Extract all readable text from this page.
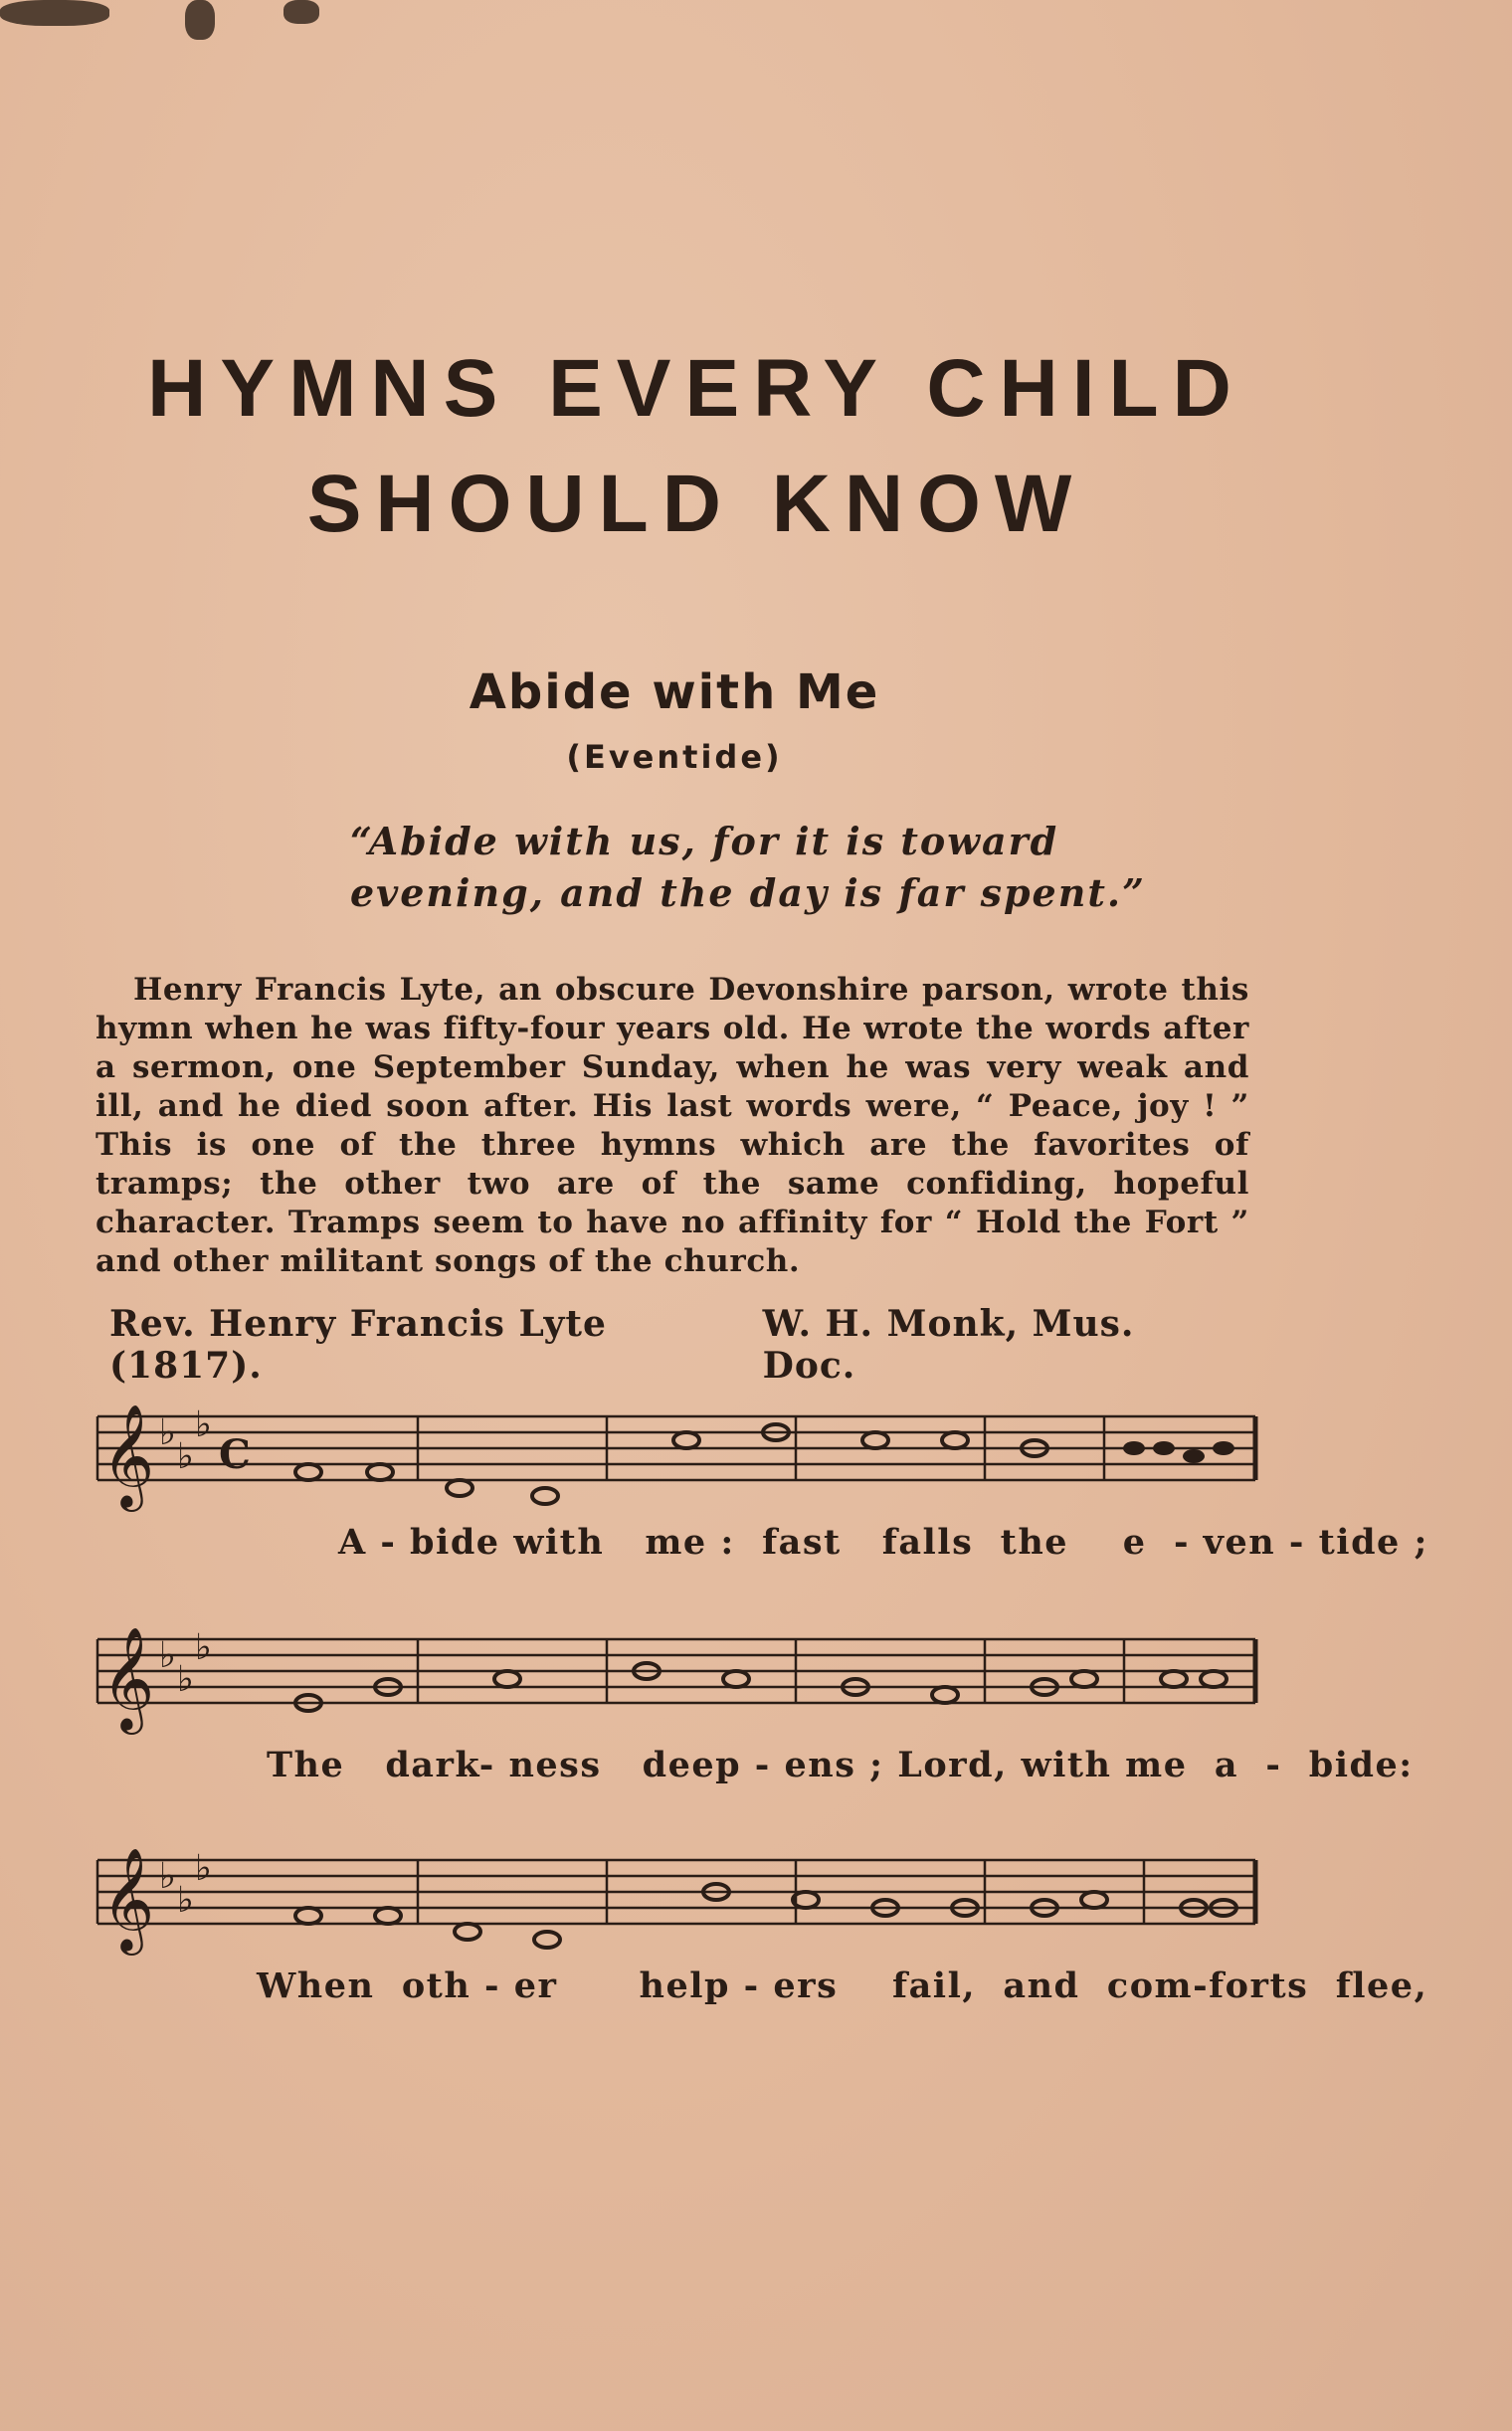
HYMNS EVERY CHILD
SHOULD KNOW
Abide with Me
(Eventide)
“Abide with us, for it is toward evening, and the day is far spent.”
Henry Francis Lyte, an obscure Devonshire parson, wrote this hymn when he was fifty-four years old. He wrote the words after a sermon, one September Sunday, when he was very weak and ill, and he died soon after. His last words were, “ Peace, joy ! ” This is one of the three hymns which are the favorites of tramps; the other two are of the same confiding, hopeful character. Tramps seem to have no affinity for “ Hold the Fort ” and other militant songs of the church.
Rev. Henry Francis Lyte (1817).
W. H. Monk, Mus. Doc.
𝄞 ♭
♭
♭
C
A - bide with   me :  fast   falls  the    e  - ven - tide ;
𝄞 ♭
♭
♭
The   dark- ness   deep - ens ; Lord, with me  a  -  bide:
𝄞 ♭
♭
♭
When  oth - er      help - ers    fail,  and  com-forts  flee,
